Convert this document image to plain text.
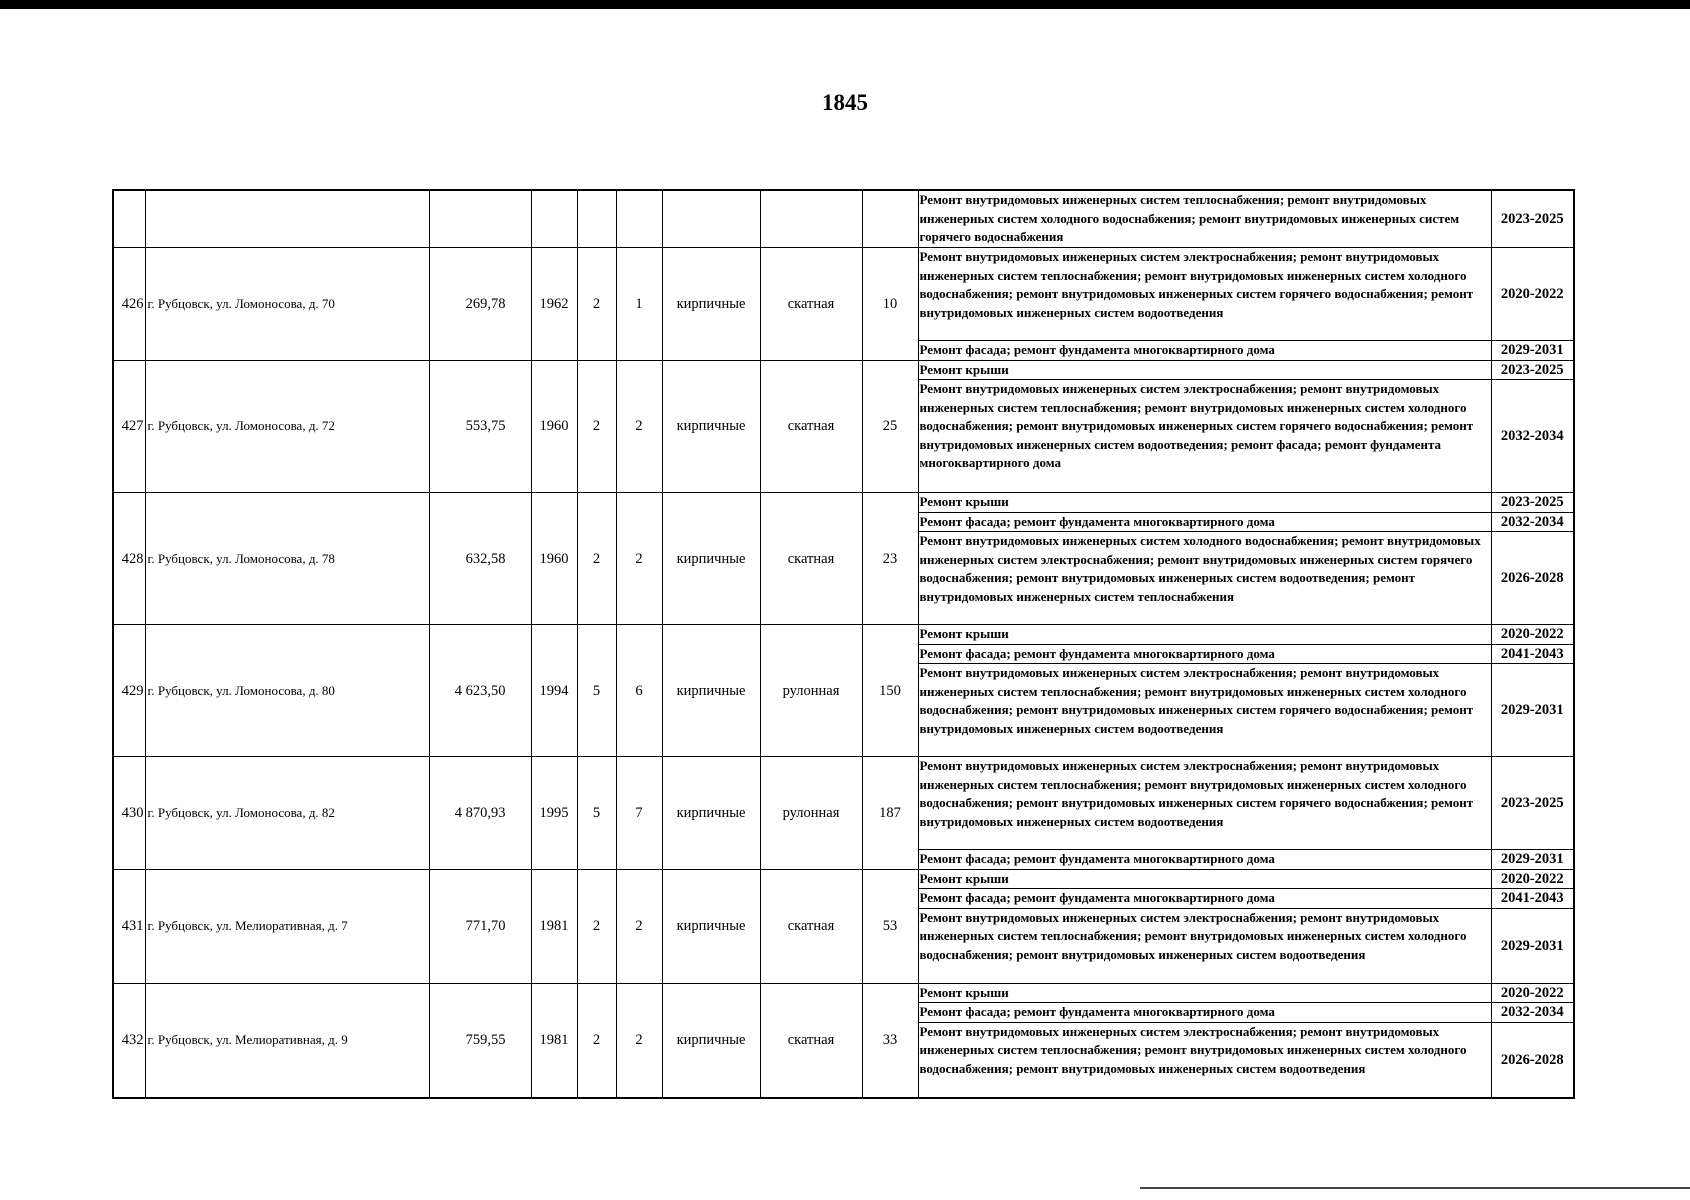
1845
									Ремонт внутридомовых инженерных систем теплоснабжения; ремонт внутридомовых инженерных систем холодного водоснабжения; ремонт внутридомовых инженерных систем горячего водоснабжения	2023-2025
426	г. Рубцовск, ул. Ломоносова, д. 70	269,78	1962	2	1	кирпичные	скатная	10	Ремонт внутридомовых инженерных систем электроснабжения; ремонт внутридомовых инженерных систем теплоснабжения; ремонт внутридомовых инженерных систем холодного водоснабжения; ремонт внутридомовых инженерных систем горячего водоснабжения; ремонт внутридомовых инженерных систем водоотведения	2020-2022
									Ремонт фасада; ремонт фундамента многоквартирного дома	2029-2031
427	г. Рубцовск, ул. Ломоносова, д. 72	553,75	1960	2	2	кирпичные	скатная	25	Ремонт крыши	2023-2025
									Ремонт внутридомовых инженерных систем электроснабжения; ремонт внутридомовых инженерных систем теплоснабжения; ремонт внутридомовых инженерных систем холодного водоснабжения; ремонт внутридомовых инженерных систем горячего водоснабжения; ремонт внутридомовых инженерных систем водоотведения; ремонт фасада; ремонт фундамента многоквартирного дома	2032-2034
428	г. Рубцовск, ул. Ломоносова, д. 78	632,58	1960	2	2	кирпичные	скатная	23	Ремонт крыши	2023-2025
									Ремонт фасада; ремонт фундамента многоквартирного дома	2032-2034
									Ремонт внутридомовых инженерных систем холодного водоснабжения; ремонт внутридомовых инженерных систем электроснабжения; ремонт внутридомовых инженерных систем горячего водоснабжения; ремонт внутридомовых инженерных систем водоотведения; ремонт внутридомовых инженерных систем теплоснабжения	2026-2028
429	г. Рубцовск, ул. Ломоносова, д. 80	4 623,50	1994	5	6	кирпичные	рулонная	150	Ремонт крыши	2020-2022
									Ремонт фасада; ремонт фундамента многоквартирного дома	2041-2043
									Ремонт внутридомовых инженерных систем электроснабжения; ремонт внутридомовых инженерных систем теплоснабжения; ремонт внутридомовых инженерных систем холодного водоснабжения; ремонт внутридомовых инженерных систем горячего водоснабжения; ремонт внутридомовых инженерных систем водоотведения	2029-2031
430	г. Рубцовск, ул. Ломоносова, д. 82	4 870,93	1995	5	7	кирпичные	рулонная	187	Ремонт внутридомовых инженерных систем электроснабжения; ремонт внутридомовых инженерных систем теплоснабжения; ремонт внутридомовых инженерных систем холодного водоснабжения; ремонт внутридомовых инженерных систем горячего водоснабжения; ремонт внутридомовых инженерных систем водоотведения	2023-2025
									Ремонт фасада; ремонт фундамента многоквартирного дома	2029-2031
431	г. Рубцовск, ул. Мелиоративная, д. 7	771,70	1981	2	2	кирпичные	скатная	53	Ремонт крыши	2020-2022
									Ремонт фасада; ремонт фундамента многоквартирного дома	2041-2043
									Ремонт внутридомовых инженерных систем электроснабжения; ремонт внутридомовых инженерных систем теплоснабжения; ремонт внутридомовых инженерных систем холодного водоснабжения; ремонт внутридомовых инженерных систем водоотведения	2029-2031
432	г. Рубцовск, ул. Мелиоративная, д. 9	759,55	1981	2	2	кирпичные	скатная	33	Ремонт крыши	2020-2022
									Ремонт фасада; ремонт фундамента многоквартирного дома	2032-2034
									Ремонт внутридомовых инженерных систем электроснабжения; ремонт внутридомовых инженерных систем теплоснабжения; ремонт внутридомовых инженерных систем холодного водоснабжения; ремонт внутридомовых инженерных систем водоотведения	2026-2028
